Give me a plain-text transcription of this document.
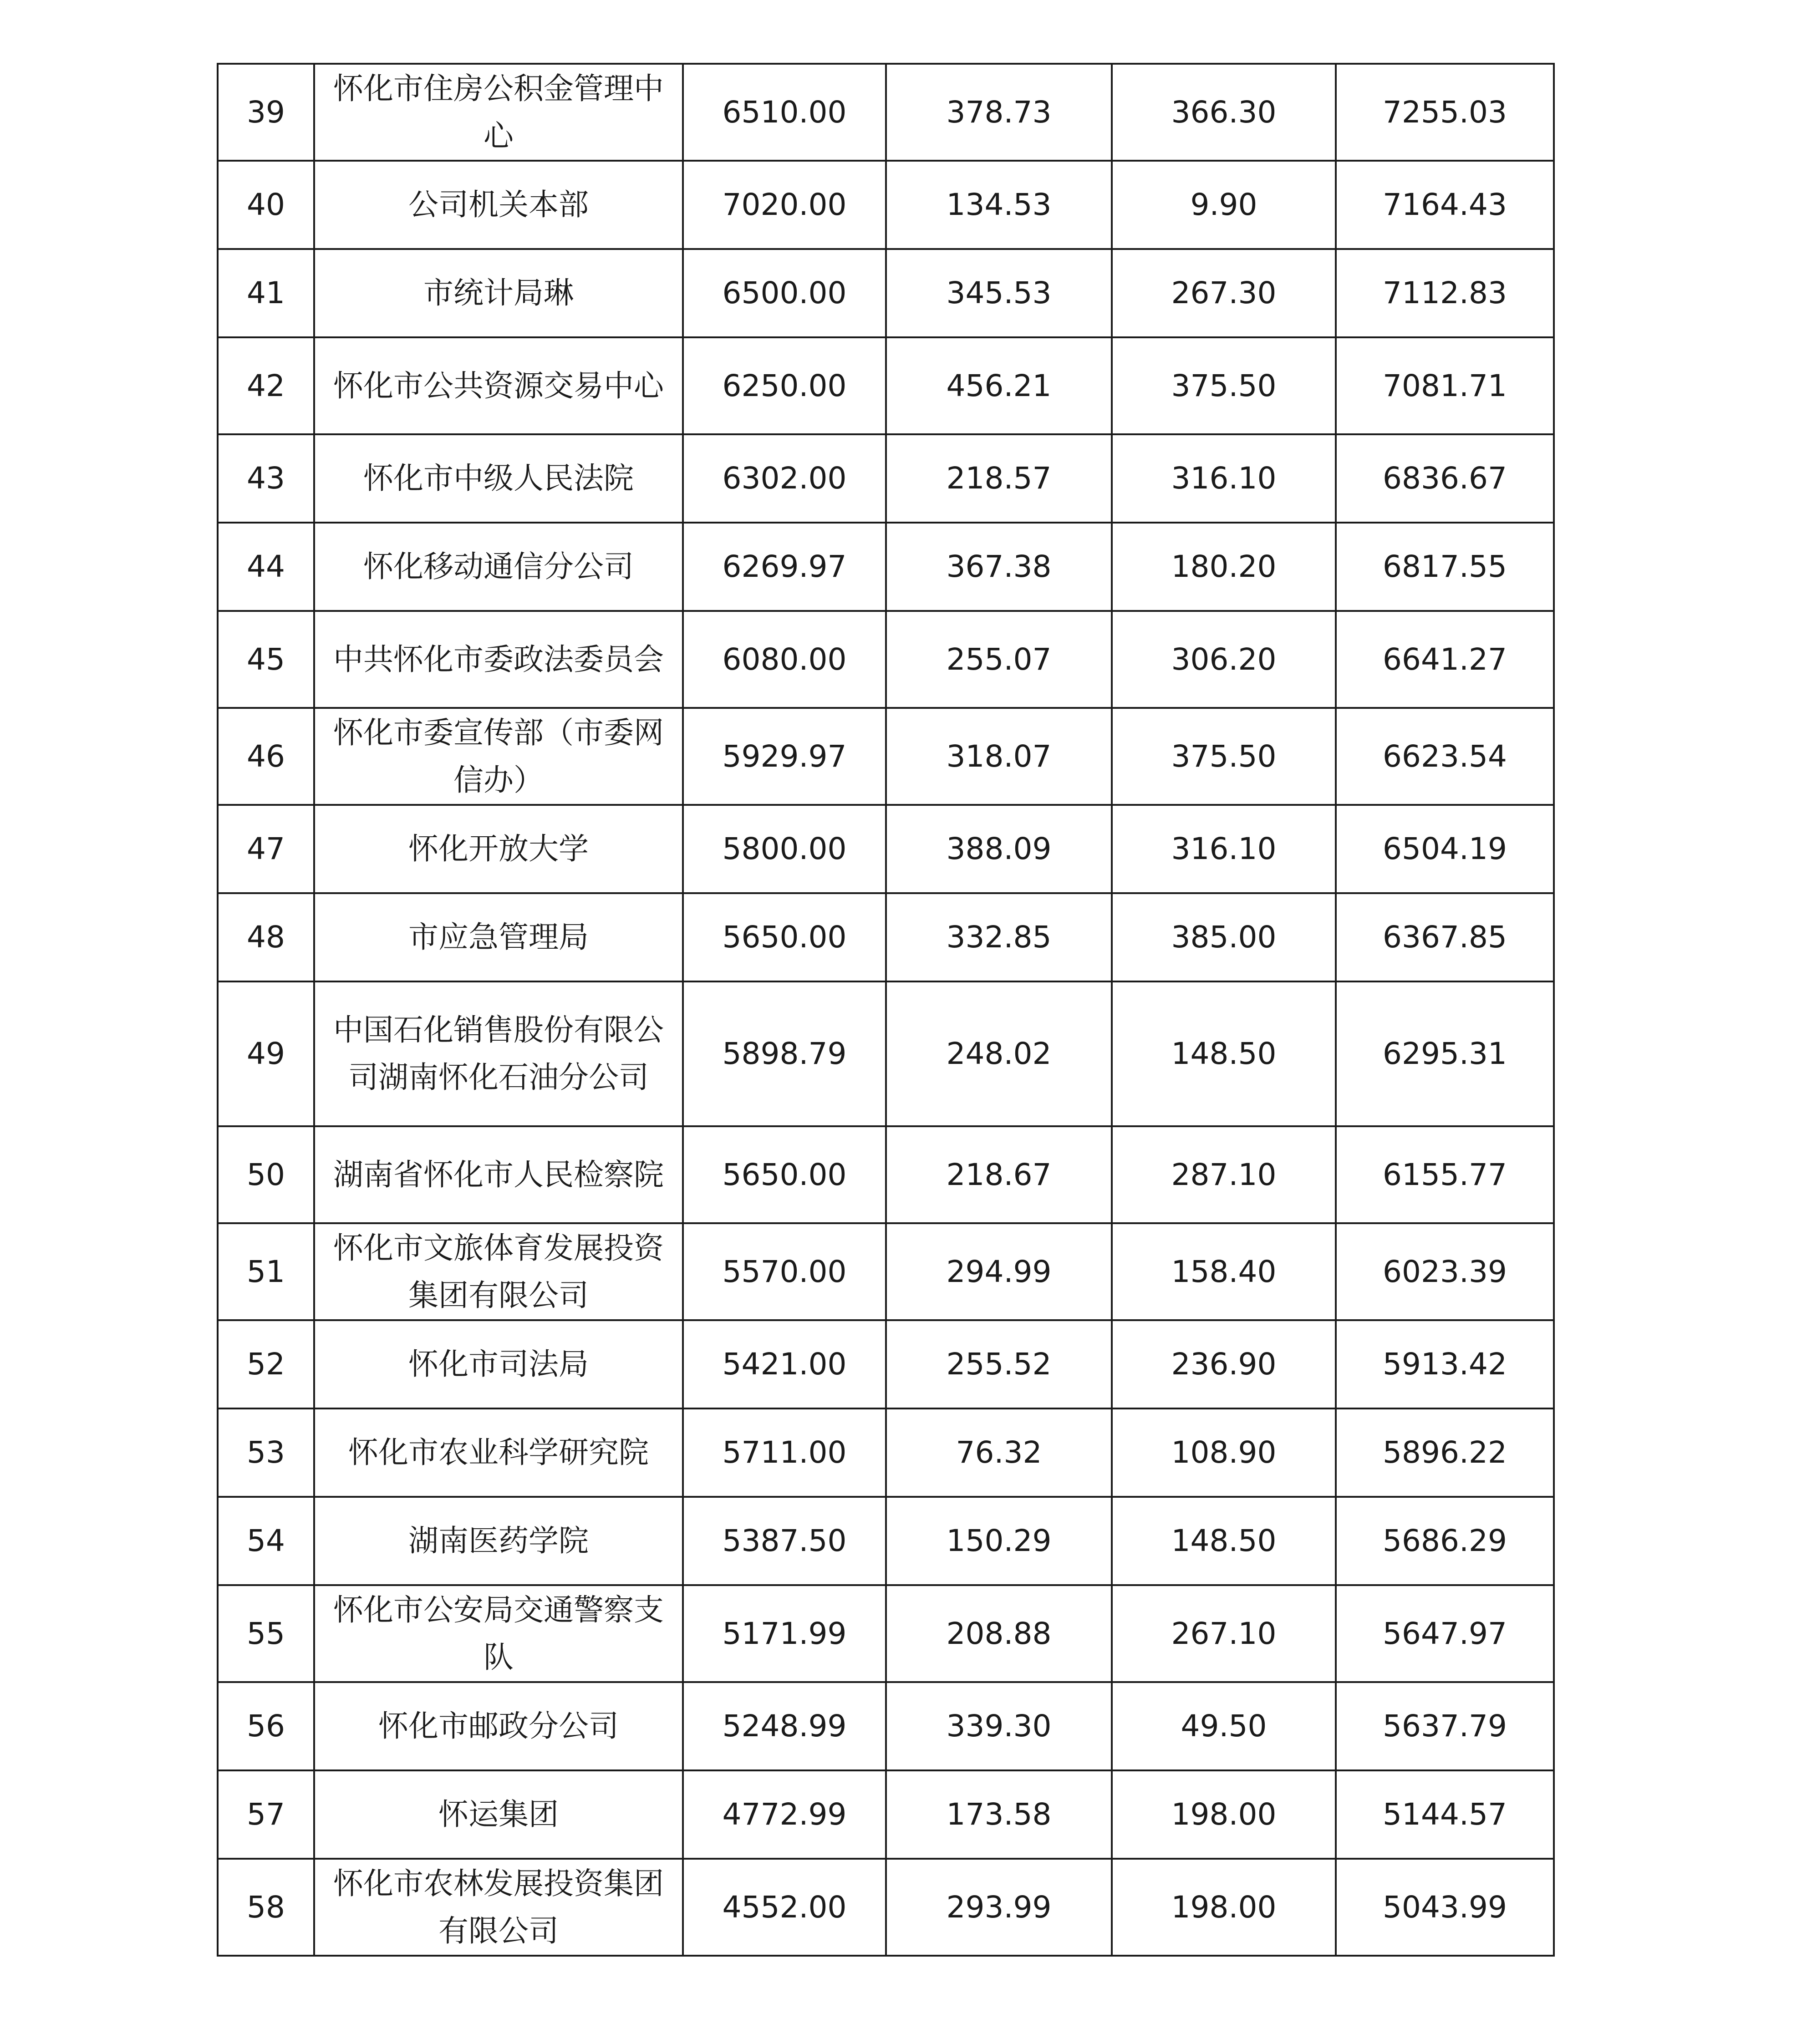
39	怀化市住房公积金管理中心	6510.00	378.73	366.30	7255.03
40	公司机关本部	7020.00	134.53	9.90	7164.43
41	市统计局琳	6500.00	345.53	267.30	7112.83
42	怀化市公共资源交易中心	6250.00	456.21	375.50	7081.71
43	怀化市中级人民法院	6302.00	218.57	316.10	6836.67
44	怀化移动通信分公司	6269.97	367.38	180.20	6817.55
45	中共怀化市委政法委员会	6080.00	255.07	306.20	6641.27
46	怀化市委宣传部（市委网信办）	5929.97	318.07	375.50	6623.54
47	怀化开放大学	5800.00	388.09	316.10	6504.19
48	市应急管理局	5650.00	332.85	385.00	6367.85
49	中国石化销售股份有限公司湖南怀化石油分公司	5898.79	248.02	148.50	6295.31
50	湖南省怀化市人民检察院	5650.00	218.67	287.10	6155.77
51	怀化市文旅体育发展投资集团有限公司	5570.00	294.99	158.40	6023.39
52	怀化市司法局	5421.00	255.52	236.90	5913.42
53	怀化市农业科学研究院	5711.00	76.32	108.90	5896.22
54	湖南医药学院	5387.50	150.29	148.50	5686.29
55	怀化市公安局交通警察支队	5171.99	208.88	267.10	5647.97
56	怀化市邮政分公司	5248.99	339.30	49.50	5637.79
57	怀运集团	4772.99	173.58	198.00	5144.57
58	怀化市农林发展投资集团有限公司	4552.00	293.99	198.00	5043.99
